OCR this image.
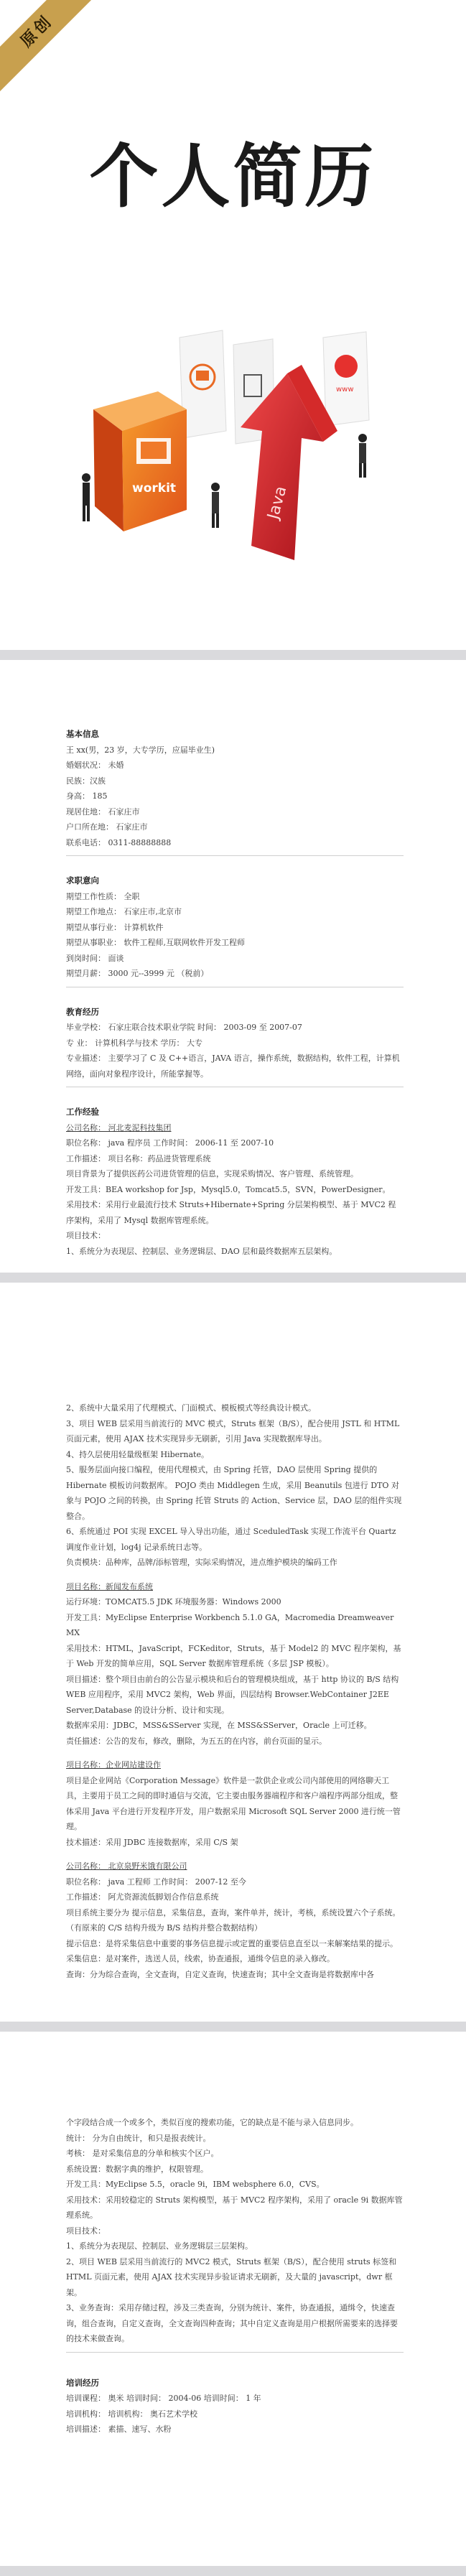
原创
个人简历
www
workit	Java
基本信息
王 xx(男，23 岁，大专学历，应届毕业生)
婚姻状况： 未婚
民族：汉族
身高： 185
现居住地： 石家庄市
户口所在地： 石家庄市
联系电话： 0311-88888888
求职意向
期望工作性质： 全职
期望工作地点： 石家庄市,北京市
期望从事行业： 计算机软件
期望从事职业： 软件工程师,互联网软件开发工程师
到岗时间： 面谈
期望月薪： 3000 元--3999 元 （税前）
教育经历
毕业学校： 石家庄联合技术职业学院 时间： 2003-09 至 2007-07
专 业： 计算机科学与技术 学历： 大专
专业描述： 主要学习了 C 及 C++语言，JAVA 语言，操作系统，数据结构，软件工程，计算机网络，面向对象程序设计，所能掌握等。
工作经验
公司名称： 河北麦泥科技集团
职位名称： java 程序员 工作时间： 2006-11 至 2007-10
工作描述： 项目名称：药品进货管理系统
项目背景为了提供医药公司进货管理的信息，实现采购情况、客户管理、系统管理。
开发工具：BEA workshop for Jsp，Mysql5.0，Tomcat5.5，SVN，PowerDesigner。
采用技术：采用行业最流行技术 Struts+Hibernate+Spring 分层架构模型、基于 MVC2 程序架构，采用了 Mysql 数据库管理系统。
项目技术：
1、系统分为表现层、控制层、业务逻辑层、DAO 层和最终数据库五层架构。
2、系统中大量采用了代理模式、门面模式、模板模式等经典设计模式。
3、项目 WEB 层采用当前流行的 MVC 模式，Struts 框架（B/S），配合使用 JSTL 和 HTML 页面元素，使用 AJAX 技术实现异步无刷新，引用 Java 实现数据库导出。
4、持久层使用轻量级框架 Hibernate。
5、服务层面向接口编程，使用代理模式，由 Spring 托管，DAO 层使用 Spring 提供的 Hibernate 模板访问数据库。 POJO 类由 Middlegen 生成，采用 Beanutils 包进行 DTO 对象与 POJO 之间的转换，由 Spring 托管 Struts 的 Action、Service 层，DAO 层的组件实现整合。
6、系统通过 POI 实现 EXCEL 导入导出功能，通过 SceduledTask 实现工作流平台 Quartz 调度作业计划，log4j 记录系统日志等。
负责模块：品种库，品牌/添标管理，实际采购情况，进点维护模块的编码工作
项目名称：新闻发布系统
运行环境：TOMCAT5.5 JDK 环境服务器：Windows 2000
开发工具：MyEclipse Enterprise Workbench 5.1.0 GA，Macromedia Dreamweaver MX
采用技术：HTML，JavaScript，FCKeditor，Struts，基于 Model2 的 MVC 程序架构，基于 Web 开发的简单应用，SQL Server 数据库管理系统（多层 JSP 模板）。
项目描述：整个项目由前台的公告显示模块和后台的管理模块组成，基于 http 协议的 B/S 结构 WEB 应用程序，采用 MVC2 架构，Web 界面，四层结构 Browser.WebContainer J2EE Server,Database 的设计分析、设计和实现。
数据库采用：JDBC，MSS&SServer 实现，在 MSS&SServer，Oracle 上可迁移。
责任描述：公告的发布，修改，删除，为五五的在内容，前台页面的显示。
项目名称：企业网站建设作
项目是企业网站《Corporation Message》软件是一款供企业或公司内部使用的网络聊天工具，主要用于员工之间的即时通信与交流，它主要由服务器端程序和客户端程序两部分组成，整体采用 Java 平台进行开发程序开发，用户数据采用 Microsoft SQL Server 2000 进行统一管理。
技术描述：采用 JDBC 连接数据库，采用 C/S 架
公司名称： 北京泉野米饿有限公司
职位名称： java 工程师 工作时间： 2007-12 至今
工作描述： 阿尤资源流低脚划合作信息系统
项目系统主要分为 提示信息，采集信息，查询，案件单并，统计，考核，系统设置六个子系统。（有原来的 C/S 结构升级为 B/S 结构并整合数据结构）
提示信息：是将采集信息中重要的事务信息提示或定置的重要信息直至以一来解案结果的提示。
采集信息：是对案件，选送人员，线索，协查通报，通缉令信息的录入修改。
查询：分为综合查询，全文查询，自定义查询，快速查询；其中全文查询是将数据库中各
个字段结合成一个或多个，类似百度的搜索功能，它的缺点是不能与录入信息同步。
统计： 分为自由统计，和只是报表统计。
考核： 是对采集信息的分单和核实个区户。
系统设置：数据字典的维护，权限管理。
开发工具：MyEclipse 5.5，oracle 9i，IBM websphere 6.0，CVS。
采用技术：采用较稳定的 Struts 架构模型，基于 MVC2 程序架构，采用了 oracle 9i 数据库管理系统。
项目技术：
1、系统分为表现层、控制层、业务逻辑层三层架构。
2、项目 WEB 层采用当前流行的 MVC2 模式，Struts 框架（B/S），配合使用 struts 标签和 HTML 页面元素，使用 AJAX 技术实现异步验证请求无刷新，及大量的 javascript，dwr 框架。
3、业务查询：采用存储过程，涉及三类查询，分别为统计、案件，协查通报，通缉令，快速查询，组合查询，自定义查询，全文查询四种查询；其中自定义查询是用户根据所需要来的选择要的技术来做查询。
培训经历
培训课程： 奥米 培训时间： 2004-06 培训时间： 1 年
培训机构： 培训机构： 奥石艺术学校
培训描述： 素描、速写、水粉
